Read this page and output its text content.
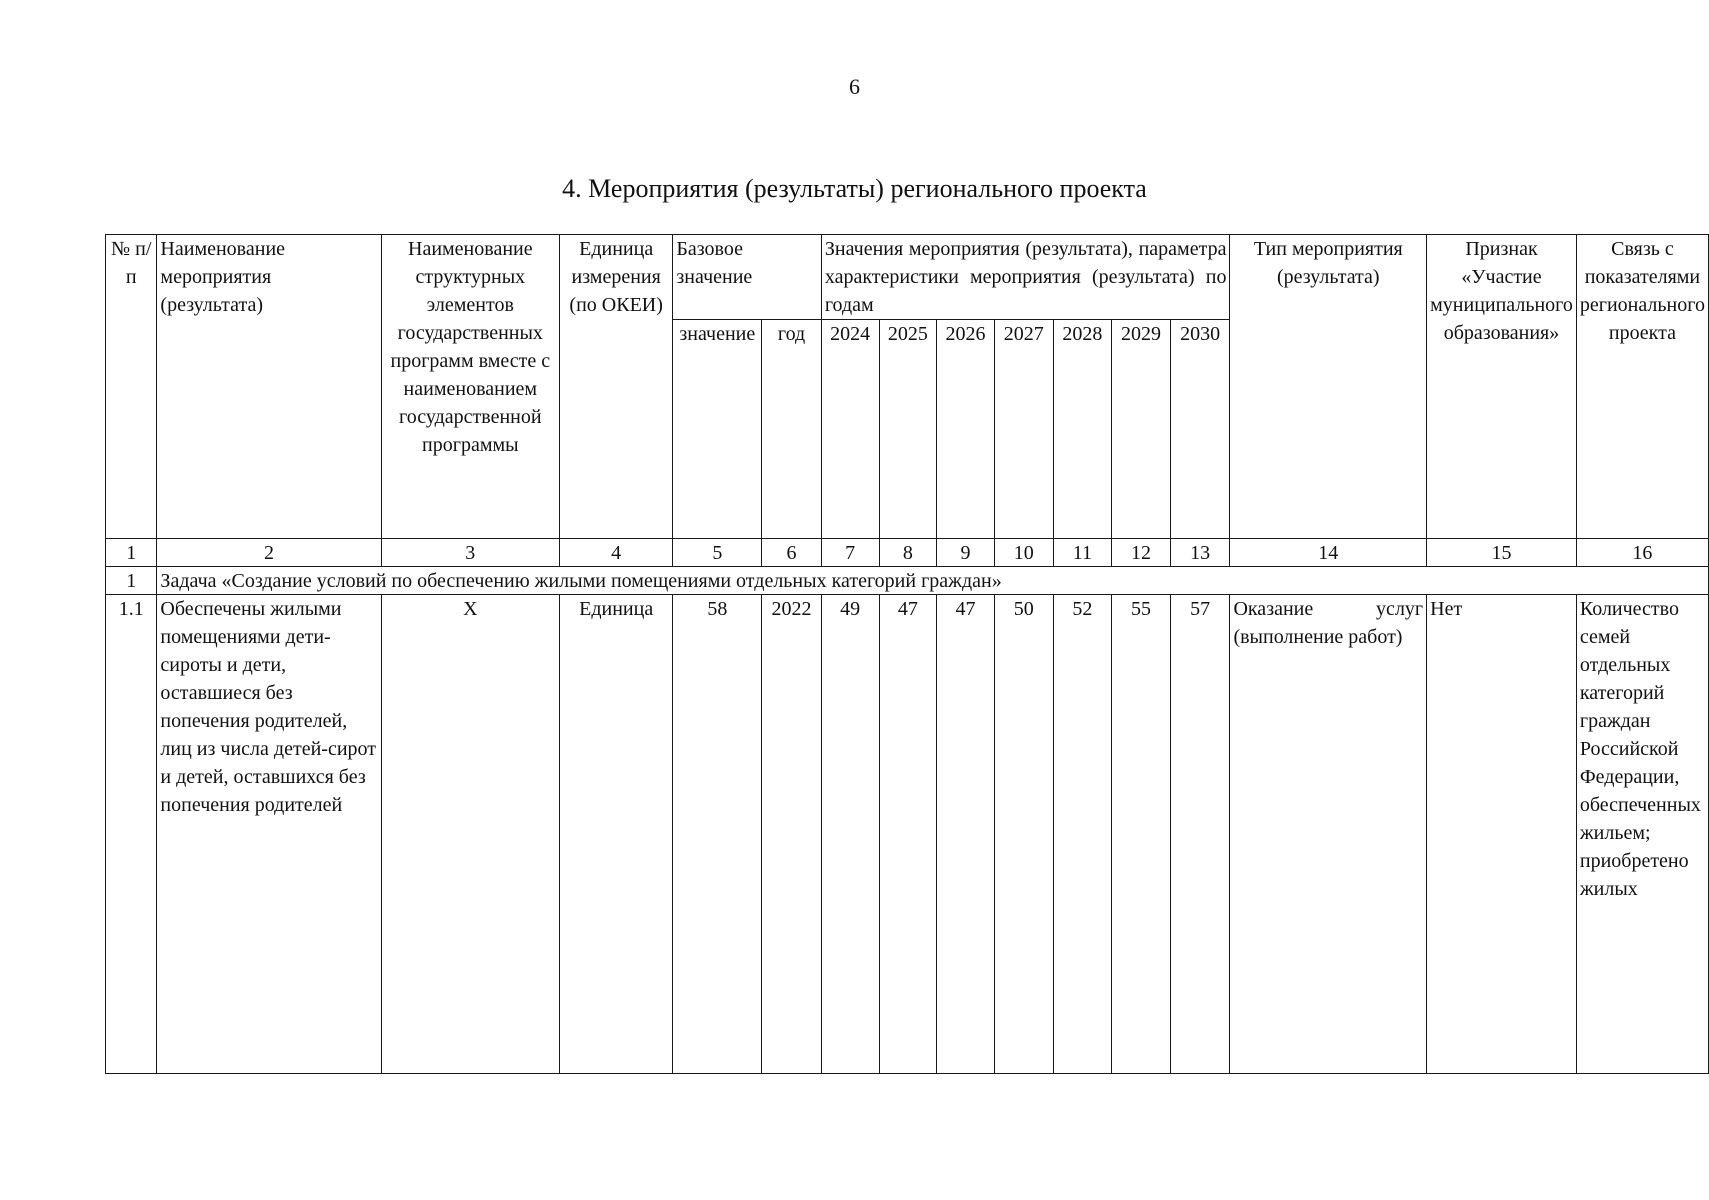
6
4. Мероприятия (результаты) регионального проекта
№ п/п	Наименование мероприятия (результата)	Наименование структурных элементов государственных программ вместе с наименованием государственной программы	Единица измерения (по ОКЕИ)	Базовое значение		Значения мероприятия (результата), параметра характеристики мероприятия (результата) по годам							Тип мероприятия (результата)	Признак «Участие муниципального образования»	Связь с показателями регионального проекта
				значение	год	2024	2025	2026	2027	2028	2029	2030			
1	2	3	4	5	6	7	8	9	10	11	12	13	14	15	16
1	Задача «Создание условий по обеспечению жилыми помещениями отдельных категорий граждан»														
1.1	Обеспечены жилыми помещениями дети-сироты и дети, оставшиеся без попечения родителей, лиц из числа детей-сирот и детей, оставшихся без попечения родителей	Х	Единица	58	2022	49	47	47	50	52	55	57	Оказание услуг (выполнение работ)	Нет	Количество семей отдельных категорий граждан Российской Федерации, обеспеченных жильем; приобретено жилых
